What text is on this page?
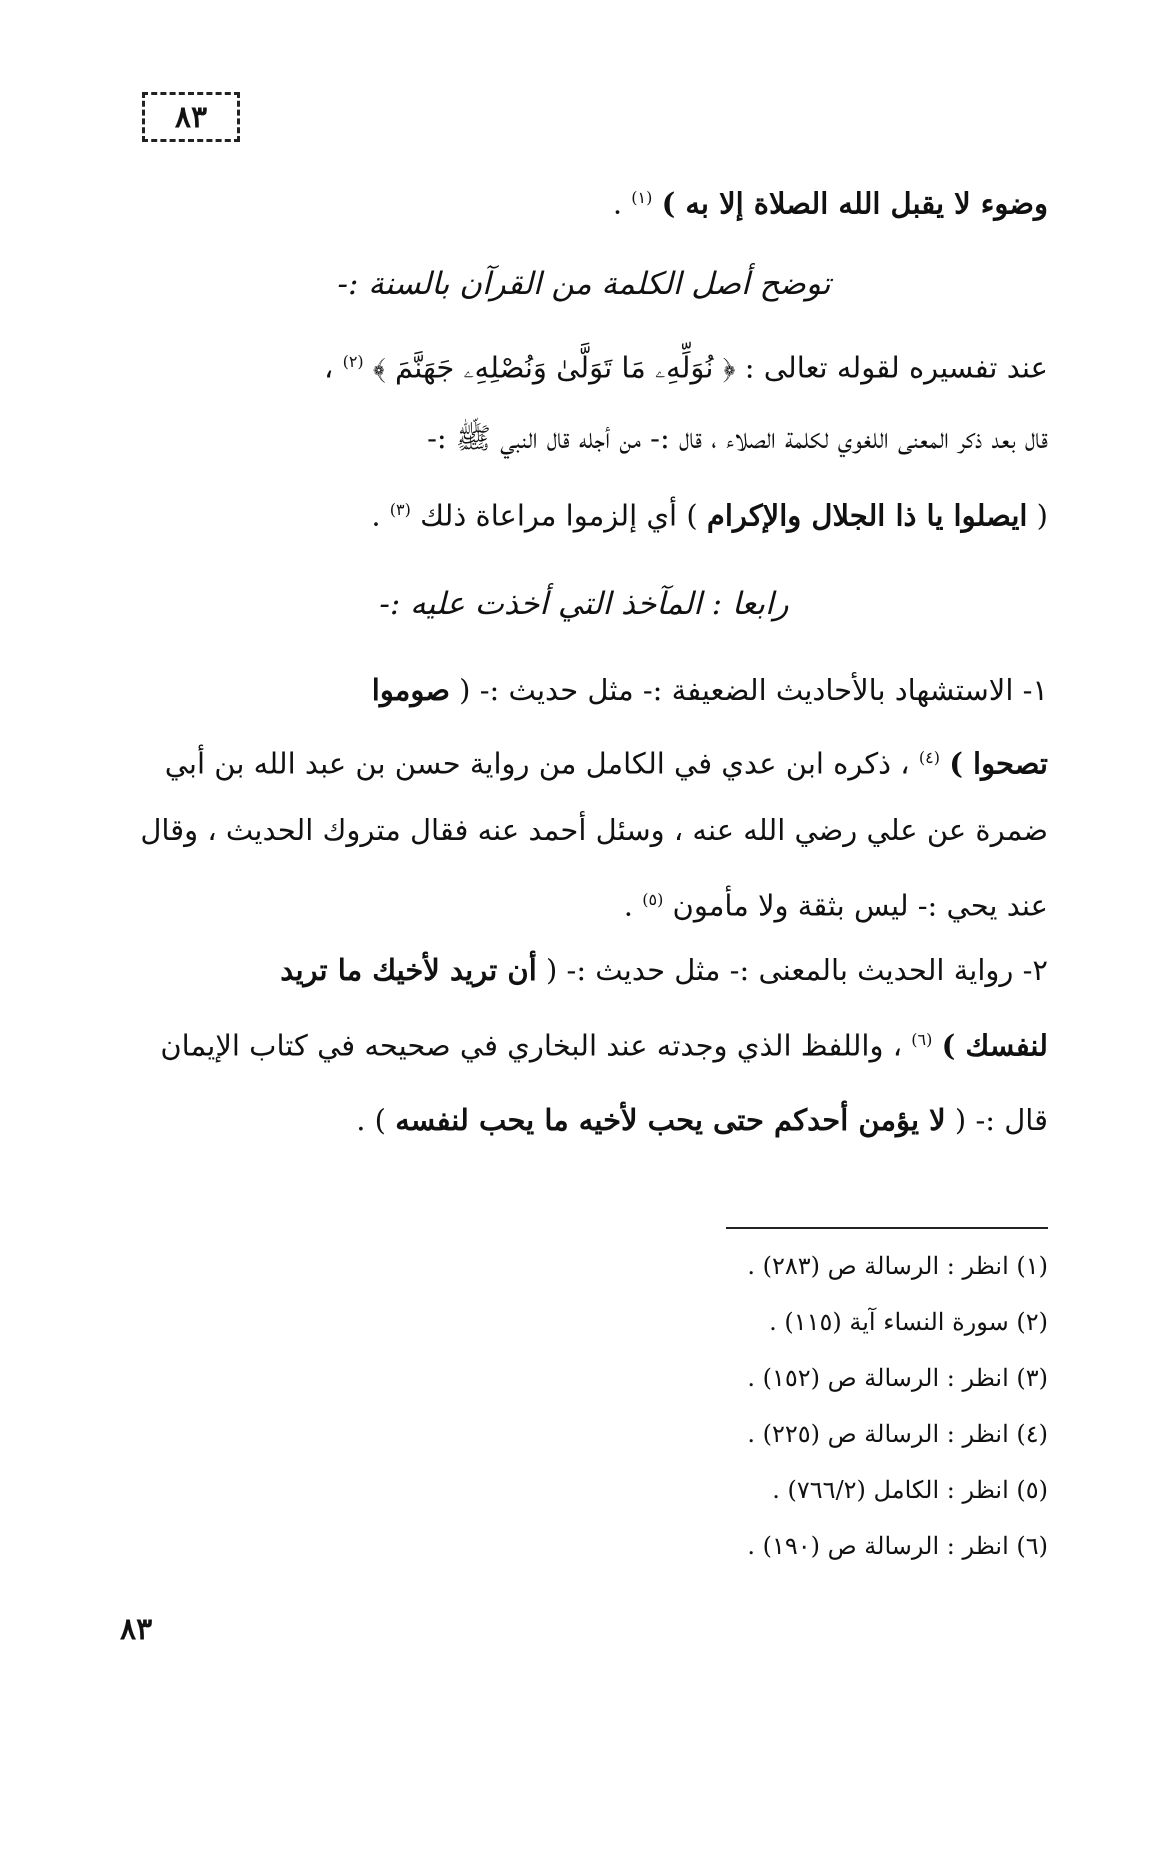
٨٣
وضوء لا يقبل الله الصلاة إلا به ) $^{(١)}$ .
توضح أصل الكلمة من القرآن بالسنة :-
عند تفسيره لقوله تعالى : ﴿ نُوَلِّهِۦ مَا تَوَلَّىٰ وَنُصْلِهِۦ جَهَنَّمَ ﴾ $^{(٢)}$ ،
قال بعد ذكر المعنى اللغوي لكلمة الصلاء ، قال :- من أجله قال النبي ﷺ :-
( ايصلوا يا ذا الجلال والإكرام ) أي إلزموا مراعاة ذلك $^{(٣)}$ .
رابعا : المآخذ التي أخذت عليه :-
١- الاستشهاد بالأحاديث الضعيفة :- مثل حديث :- ( صوموا
تصحوا ) $^{(٤)}$ ، ذكره ابن عدي في الكامل من رواية حسن بن عبد الله بن أبي
ضمرة عن علي رضي الله عنه ، وسئل أحمد عنه فقال متروك الحديث ، وقال
عند يحي :- ليس بثقة ولا مأمون $^{(٥)}$ .
٢- رواية الحديث بالمعنى :- مثل حديث :- ( أن تريد لأخيك ما تريد
لنفسك ) $^{(٦)}$ ، واللفظ الذي وجدته عند البخاري في صحيحه في كتاب الإيمان
قال :- ( لا يؤمن أحدكم حتى يحب لأخيه ما يحب لنفسه ) .
(١) انظر : الرسالة ص (٢٨٣) .
(٢) سورة النساء آية (١١٥) .
(٣) انظر : الرسالة ص (١٥٢) .
(٤) انظر : الرسالة ص (٢٢٥) .
(٥) انظر : الكامل (٧٦٦/٢) .
(٦) انظر : الرسالة ص (١٩٠) .
٨٣
